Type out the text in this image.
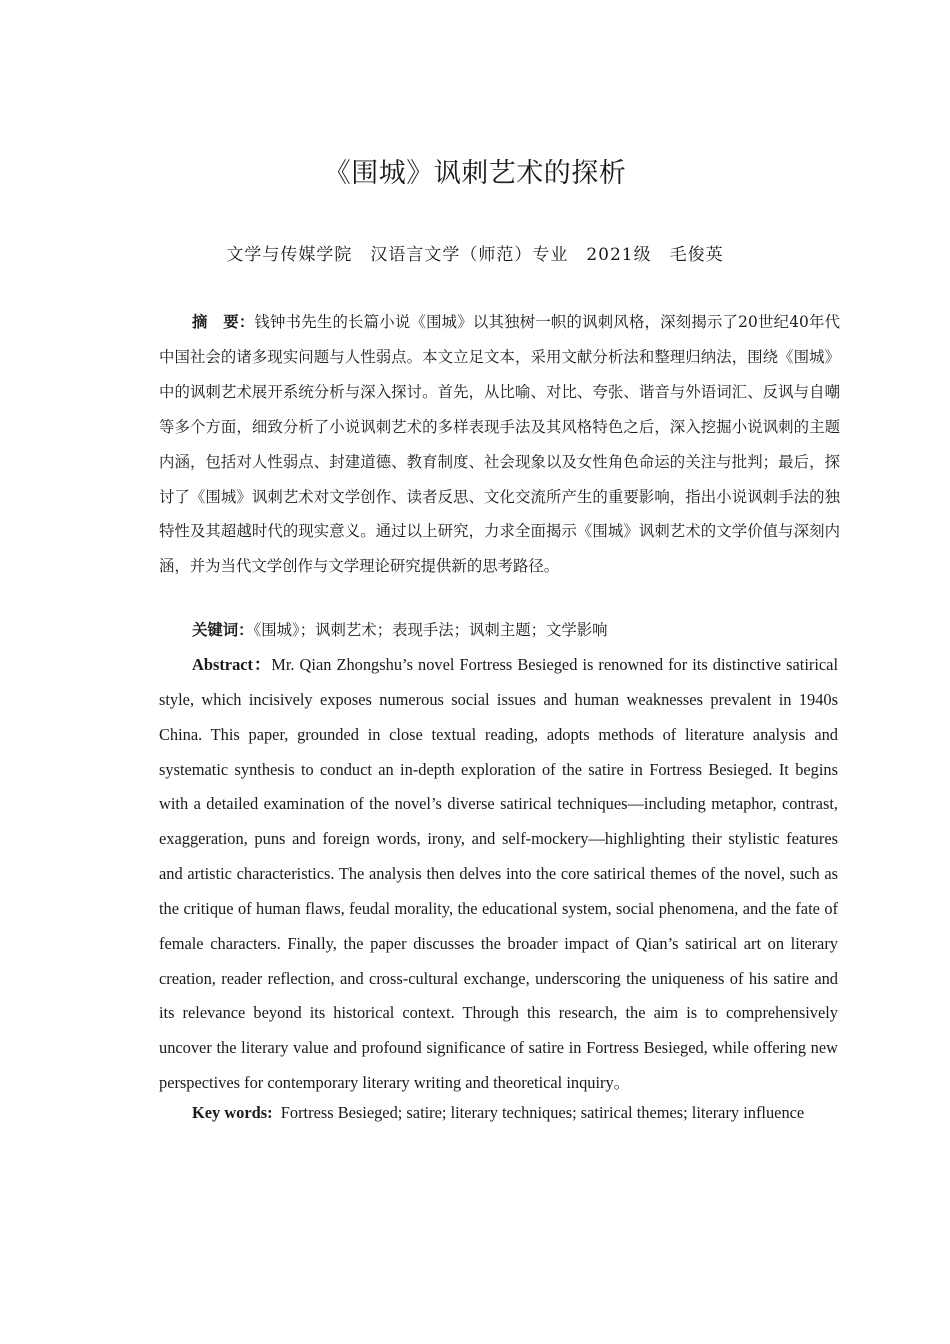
《围城》讽刺艺术的探析
文学与传媒学院 汉语言文学（师范）专业 2021级 毛俊英

摘　要：钱钟书先生的长篇小说《围城》以其独树一帜的讽刺风格，深刻揭示了20世纪40年代中国社会的诸多现实问题与人性弱点。本文立足文本，采用文献分析法和整理归纳法，围绕《围城》中的讽刺艺术展开系统分析与深入探讨。首先，从比喻、对比、夸张、谐音与外语词汇、反讽与自嘲等多个方面，细致分析了小说讽刺艺术的多样表现手法及其风格特色之后，深入挖掘小说讽刺的主题内涵，包括对人性弱点、封建道德、教育制度、社会现象以及女性角色命运的关注与批判；最后，探讨了《围城》讽刺艺术对文学创作、读者反思、文化交流所产生的重要影响，指出小说讽刺手法的独特性及其超越时代的现实意义。通过以上研究，力求全面揭示《围城》讽刺艺术的文学价值与深刻内涵，并为当代文学创作与文学理论研究提供新的思考路径。

关键词：《围城》；讽刺艺术；表现手法；讽刺主题；文学影响

Abstract：Mr. Qian Zhongshu’s novel Fortress Besieged is renowned for its distinctive satirical style, which incisively exposes numerous social issues and human weaknesses prevalent in 1940s China. This paper, grounded in close textual reading, adopts methods of literature analysis and systematic synthesis to conduct an in-depth exploration of the satire in Fortress Besieged. It begins with a detailed examination of the novel’s diverse satirical techniques—including metaphor, contrast, exaggeration, puns and foreign words, irony, and self-mockery—highlighting their stylistic features and artistic characteristics. The analysis then delves into the core satirical themes of the novel, such as the critique of human flaws, feudal morality, the educational system, social phenomena, and the fate of female characters. Finally, the paper discusses the broader impact of Qian’s satirical art on literary creation, reader reflection, and cross-cultural exchange, underscoring the uniqueness of his satire and its relevance beyond its historical context. Through this research, the aim is to comprehensively uncover the literary value and profound significance of satire in Fortress Besieged, while offering new perspectives for contemporary literary writing and theoretical inquiry。

Key words: Fortress Besieged; satire; literary techniques; satirical themes; literary influence
